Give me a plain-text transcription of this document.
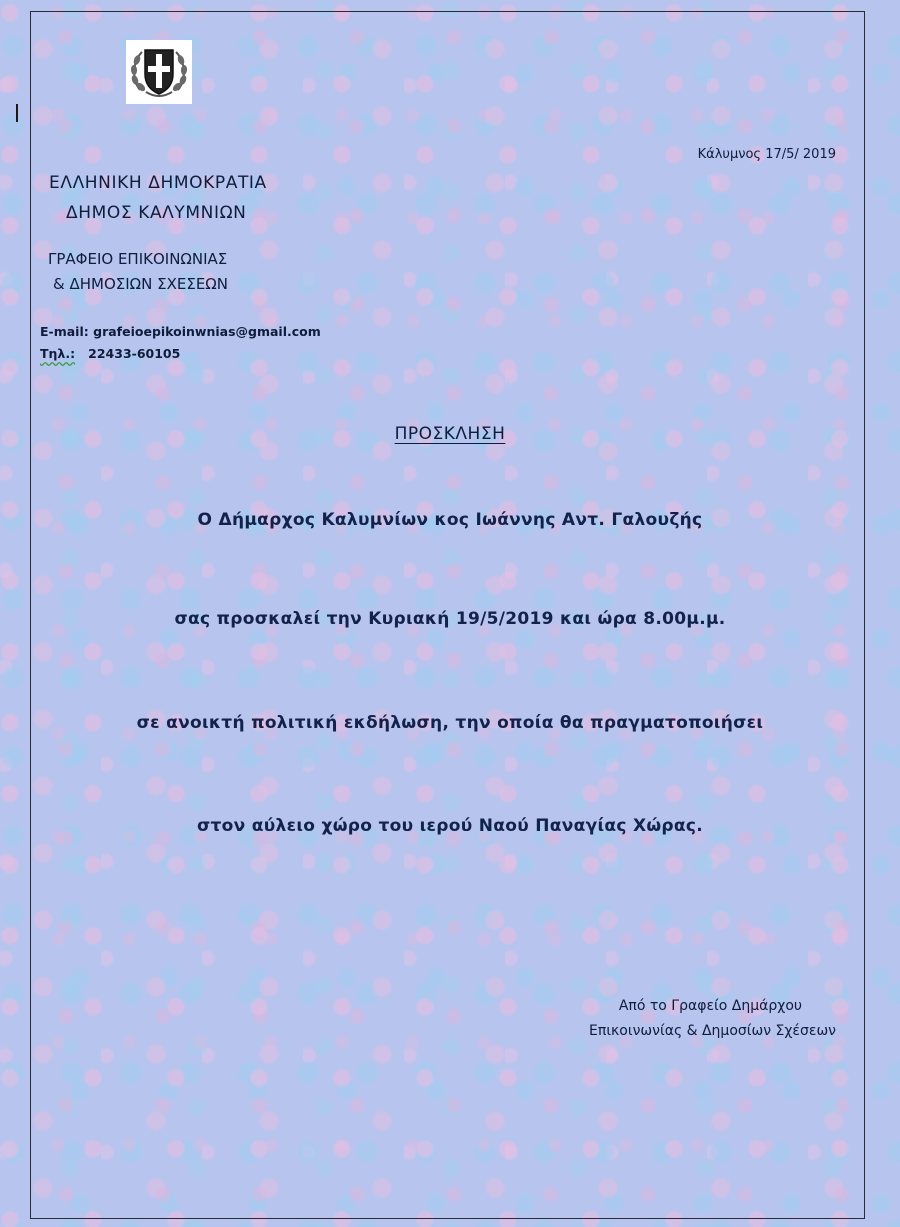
ΕΛΛΗΝΙΚΗ ΔΗΜΟΚΡΑΤΙΑ
ΔΗΜΟΣ ΚΑΛΥΜΝΙΩΝ
ΓΡΑΦΕΙΟ ΕΠΙΚΟΙΝΩΝΙΑΣ
& ΔΗΜΟΣΙΩΝ ΣΧΕΣΕΩΝ
E-mail: grafeioepikoinwnias@gmail.com
Τηλ.: 22433-60105
Κάλυμνος 17/5/ 2019
ΠΡΟΣΚΛΗΣΗ
Ο Δήμαρχος Καλυμνίων κος Ιωάννης Αντ. Γαλουζής
σας προσκαλεί την Κυριακή 19/5/2019 και ώρα 8.00μ.μ.
σε ανοικτή πολιτική εκδήλωση, την οποία θα πραγματοποιήσει
στον αύλειο χώρο του ιερού Ναού Παναγίας Χώρας.
Από το Γραφείο Δημάρχου
Επικοινωνίας & Δημοσίων Σχέσεων
